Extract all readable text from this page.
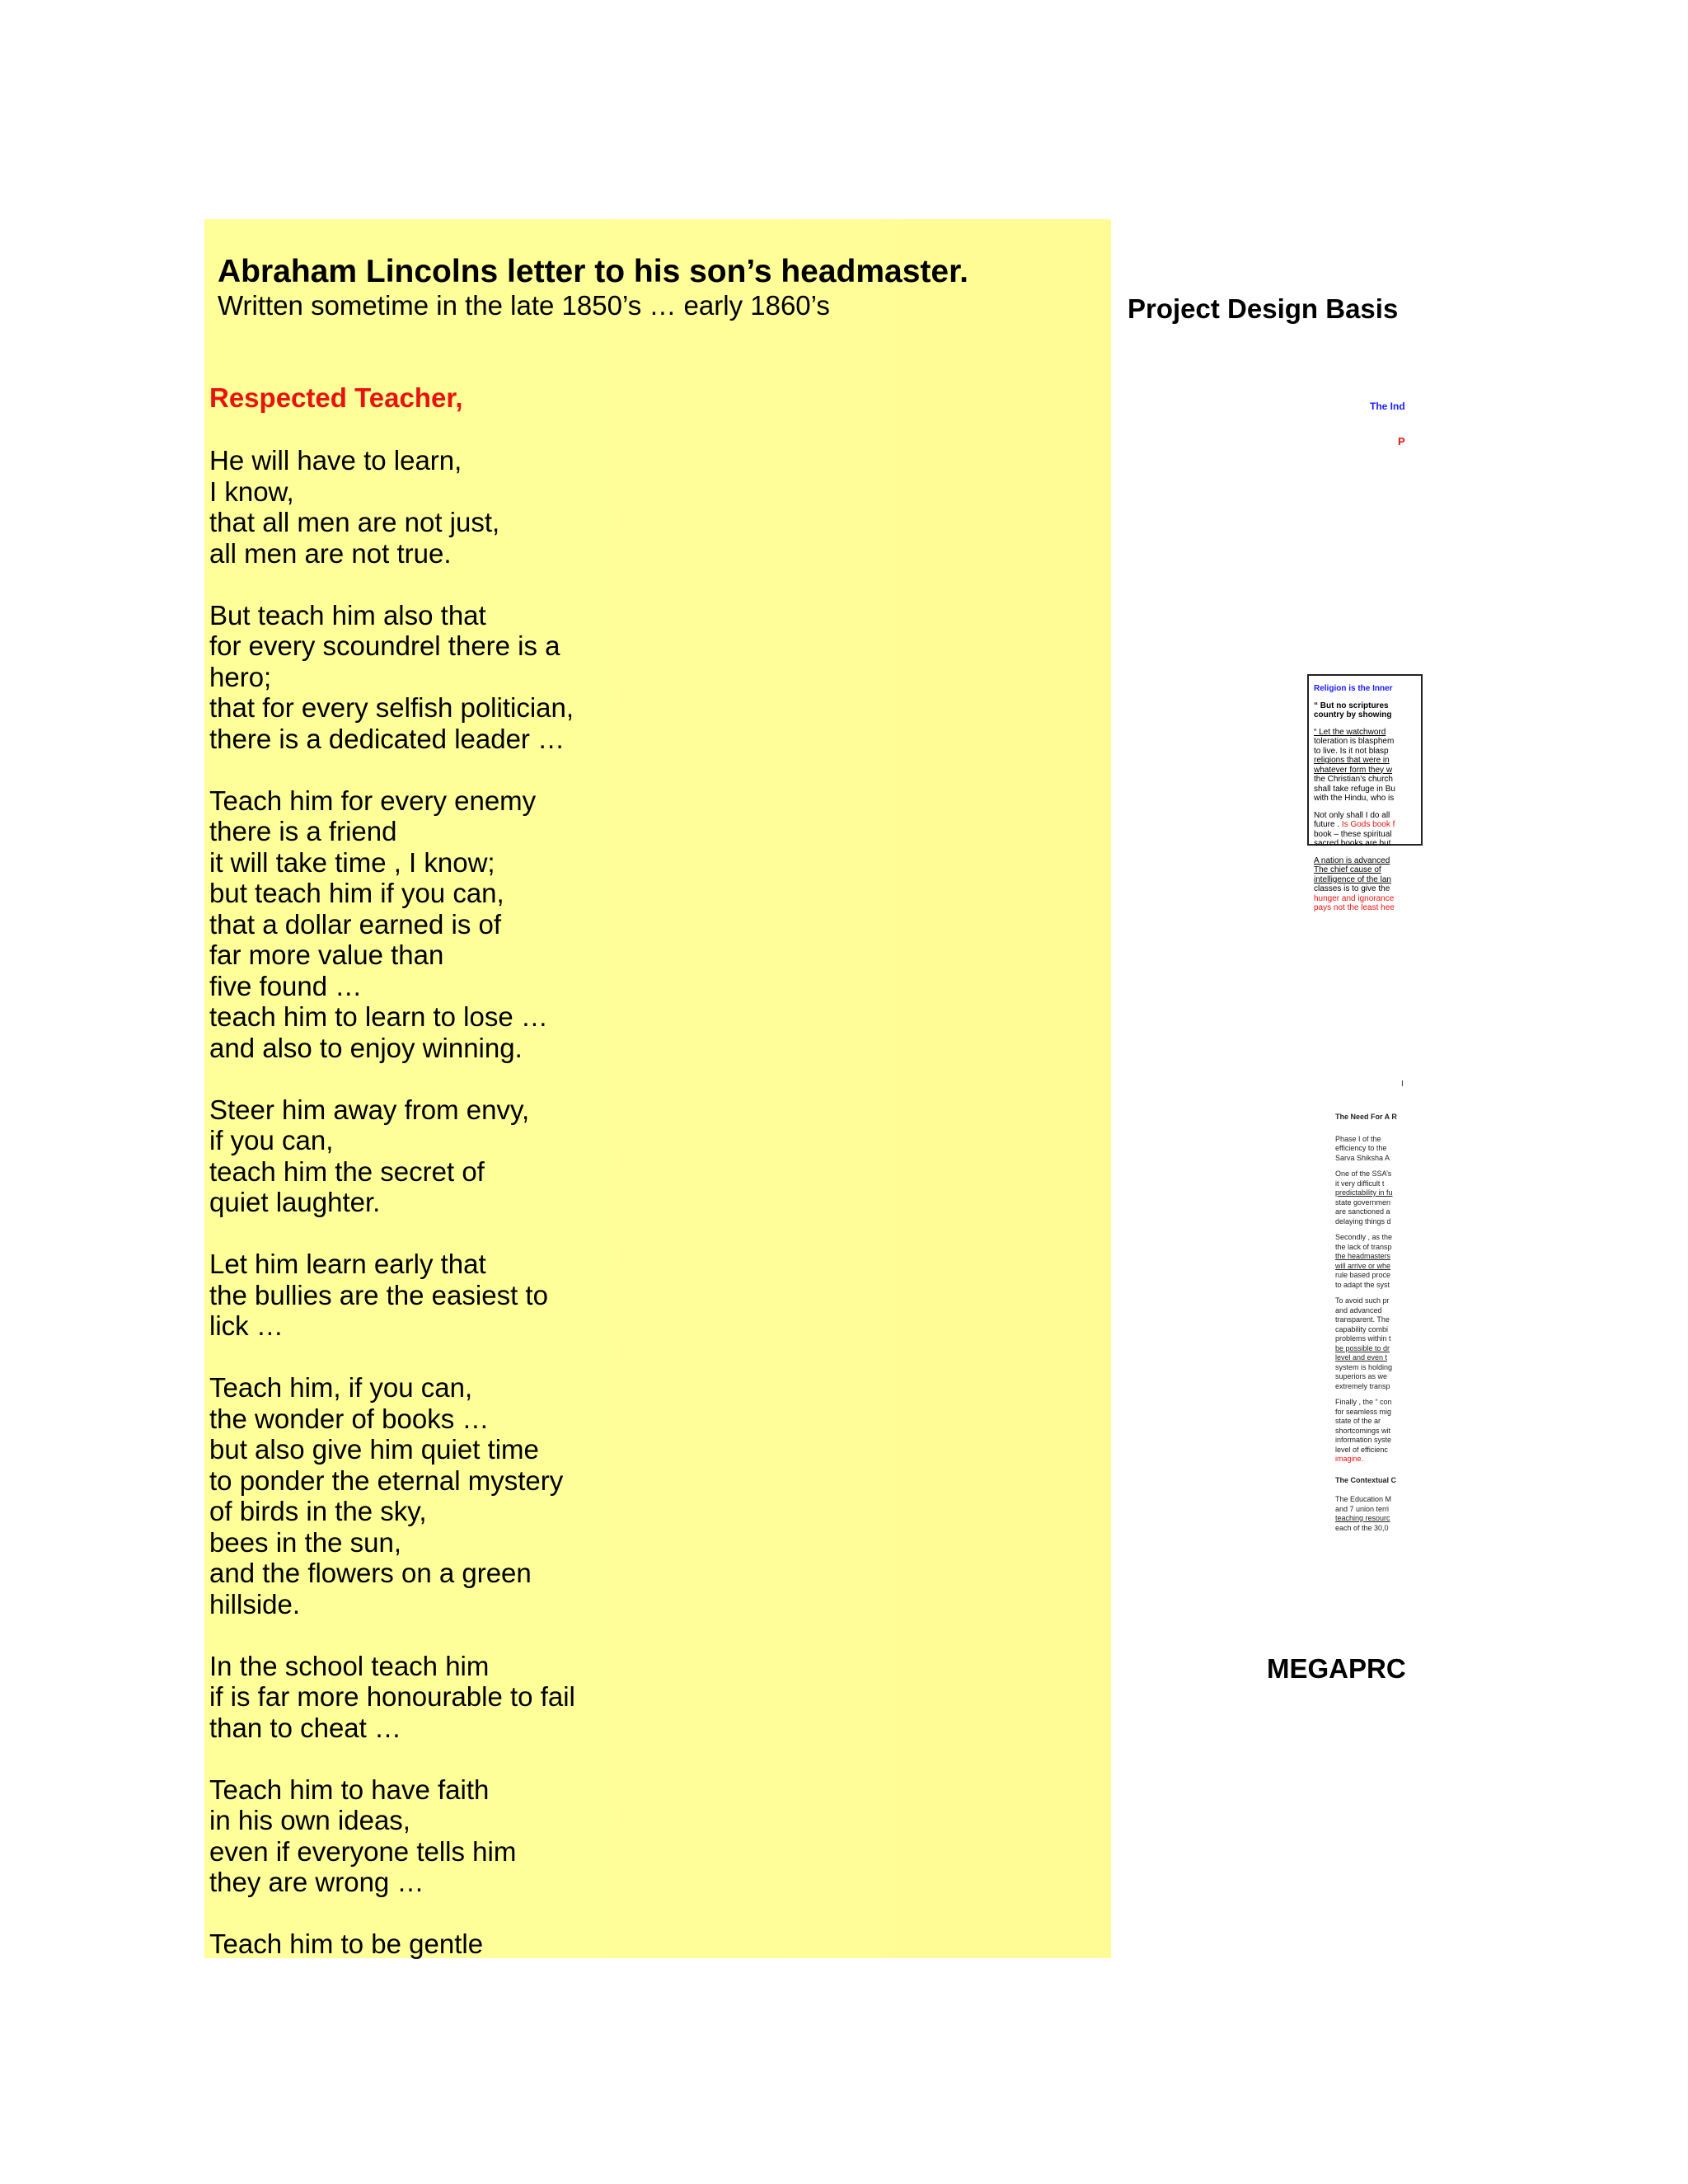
Abraham Lincolns letter to his son’s headmaster.

Written sometime in the late 1850’s … early 1860’s

Respected Teacher,
He will have to learn,
I know,
that all men are not just,
all men are not true.
But teach him also that
for every scoundrel there is a
hero;
that for every selfish politician,
there is a dedicated leader …
Teach him for every enemy
there is a friend
it will take time , I know;
but teach him if you can,
that a dollar earned is of
far more value than
five found …
teach him to learn to lose …
and also to enjoy winning.
Steer him away from envy,
if you can,
teach him the secret of
quiet laughter.
Let him learn early that
the bullies are the easiest to
lick …
Teach him, if you can,
the wonder of books …
but also give him quiet time
to ponder the eternal mystery
of birds in the sky,
bees in the sun,
and the flowers on a green
hillside.
In the school teach him
if is far more honourable to fail
than to cheat …
Teach him to have faith
in his own ideas,
even if everyone tells him
they are wrong …
Teach him to be gentle
Project Design Basis
The Ind
P
Religion is the Inner
“ But no scriptures
country by showing
“ Let the watchword
toleration is blasphem
to live. Is it not blasp
religions that were in
whatever form they w
the Christian’s church
shall take refuge in Bu
with the Hindu, who is
Not only shall I do all
future . Is Gods book f
book – these spiritual
sacred books are but
A nation is advanced
The chief cause of
intelligence of the lan
classes is to give the
hunger and ignorance
pays not the least hee
I
The Need For A R
Phase I of the
efficiency to the
Sarva Shiksha A
One of the SSA’s
it very difficult t
predictability in fu
state governmen
are sanctioned a
delaying things d
Secondly , as the
the lack of transp
the headmasters
will arrive or whe
rule based proce
to adapt the syst
To avoid such pr
and advanced
transparent. The
capability combi
problems within t
be possible to dr
level and even t
system is holding
superiors as we
extremely transp
Finally , the “ con
for seamless mig
state of the ar
shortcomings wit
information syste
level of efficienc
imagine.
The Contextual C
The Education M
and 7 union terri
teaching resourc
each of the 30,0
MEGAPRC
